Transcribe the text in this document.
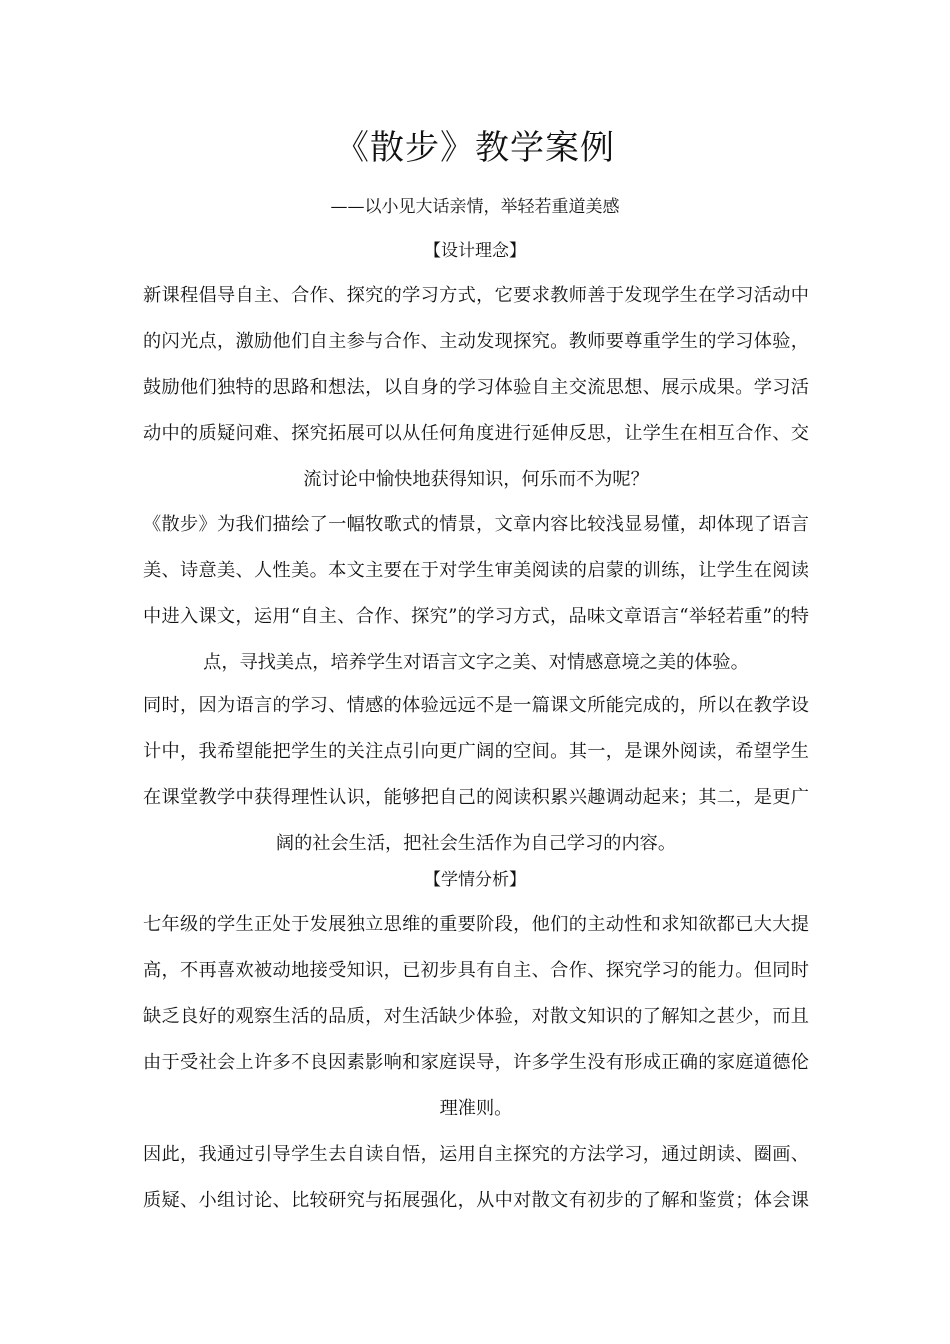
《散步》教学案例
——以小见大话亲情，举轻若重道美感
【设计理念】
新课程倡导自主、合作、探究的学习方式，它要求教师善于发现学生在学习活动中的闪光点，激励他们自主参与合作、主动发现探究。教师要尊重学生的学习体验，鼓励他们独特的思路和想法，以自身的学习体验自主交流思想、展示成果。学习活动中的质疑问难、探究拓展可以从任何角度进行延伸反思，让学生在相互合作、交流讨论中愉快地获得知识，何乐而不为呢？
《散步》为我们描绘了一幅牧歌式的情景，文章内容比较浅显易懂，却体现了语言美、诗意美、人性美。本文主要在于对学生审美阅读的启蒙的训练，让学生在阅读中进入课文，运用“自主、合作、探究”的学习方式，品味文章语言“举轻若重”的特点，寻找美点，培养学生对语言文字之美、对情感意境之美的体验。
同时，因为语言的学习、情感的体验远远不是一篇课文所能完成的，所以在教学设计中，我希望能把学生的关注点引向更广阔的空间。其一，是课外阅读，希望学生在课堂教学中获得理性认识，能够把自己的阅读积累兴趣调动起来；其二，是更广阔的社会生活，把社会生活作为自己学习的内容。
【学情分析】
七年级的学生正处于发展独立思维的重要阶段，他们的主动性和求知欲都已大大提高，不再喜欢被动地接受知识，已初步具有自主、合作、探究学习的能力。但同时缺乏良好的观察生活的品质，对生活缺少体验，对散文知识的了解知之甚少，而且由于受社会上许多不良因素影响和家庭误导，许多学生没有形成正确的家庭道德伦理准则。
因此，我通过引导学生去自读自悟，运用自主探究的方法学习，通过朗读、圈画、质疑、小组讨论、比较研究与拓展强化，从中对散文有初步的了解和鉴赏；体会课
